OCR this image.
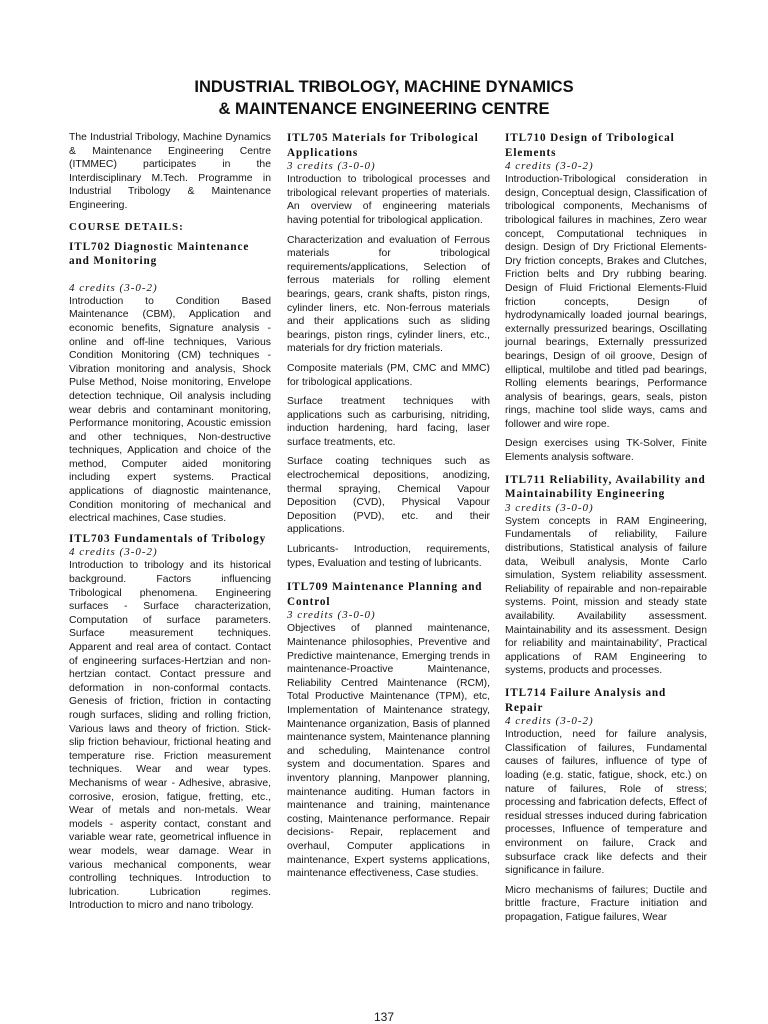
INDUSTRIAL TRIBOLOGY, MACHINE DYNAMICS
& MAINTENANCE ENGINEERING CENTRE

The Industrial Tribology, Machine Dynamics & Maintenance Engineering Centre (ITMMEC) participates in the Interdisciplinary M.Tech. Programme in Industrial Tribology & Maintenance Engineering.

COURSE DETAILS:
ITL702 Diagnostic Maintenance and Monitoring
4 credits (3-0-2)

Introduction to Condition Based Maintenance (CBM), Application and economic benefits, Signature analysis - online and off-line techniques, Various Condition Monitoring (CM) techniques - Vibration monitoring and analysis, Shock Pulse Method, Noise monitoring, Envelope detection technique, Oil analysis including wear debris and contaminant monitoring, Performance monitoring, Acoustic emission and other techniques, Non-destructive techniques, Application and choice of the method, Computer aided monitoring including expert systems. Practical applications of diagnostic maintenance, Condition monitoring of mechanical and electrical machines, Case studies.

ITL703 Fundamentals of Tribology
4 credits (3-0-2)

Introduction to tribology and its historical background. Factors influencing Tribological phenomena. Engineering surfaces - Surface characterization, Computation of surface parameters. Surface measurement techniques. Apparent and real area of contact. Contact of engineering surfaces-Hertzian and non-hertzian contact. Contact pressure and deformation in non-conformal contacts. Genesis of friction, friction in contacting rough surfaces, sliding and rolling friction, Various laws and theory of friction. Stick-slip friction behaviour, frictional heating and temperature rise. Friction measurement techniques. Wear and wear types. Mechanisms of wear - Adhesive, abrasive, corrosive, erosion, fatigue, fretting, etc., Wear of metals and non-metals. Wear models - asperity contact, constant and variable wear rate, geometrical influence in wear models, wear damage. Wear in various mechanical components, wear controlling techniques. Introduction to lubrication. Lubrication regimes. Introduction to micro and nano tribology.

ITL705 Materials for Tribological Applications
3 credits (3-0-0)

Introduction to tribological processes and tribological relevant properties of materials. An overview of engineering materials having potential for tribological application.

Characterization and evaluation of Ferrous materials for tribological requirements/applications, Selection of ferrous materials for rolling element bearings, gears, crank shafts, piston rings, cylinder liners, etc. Non-ferrous materials and their applications such as sliding bearings, piston rings, cylinder liners, etc., materials for dry friction materials.

Composite materials (PM, CMC and MMC) for tribological applications.

Surface treatment techniques with applications such as carburising, nitriding, induction hardening, hard facing, laser surface treatments, etc.

Surface coating techniques such as electrochemical depositions, anodizing, thermal spraying, Chemical Vapour Deposition (CVD), Physical Vapour Deposition (PVD), etc. and their applications.

Lubricants- Introduction, requirements, types, Evaluation and testing of lubricants.

ITL709 Maintenance Planning and Control
3 credits (3-0-0)

Objectives of planned maintenance, Maintenance philosophies, Preventive and Predictive maintenance, Emerging trends in maintenance-Proactive Maintenance, Reliability Centred Maintenance (RCM), Total Productive Maintenance (TPM), etc, Implementation of Maintenance strategy, Maintenance organization, Basis of planned maintenance system, Maintenance planning and scheduling, Maintenance control system and documentation. Spares and inventory planning, Manpower planning, maintenance auditing. Human factors in maintenance and training, maintenance costing, Maintenance performance. Repair decisions- Repair, replacement and overhaul, Computer applications in maintenance, Expert systems applications, maintenance effectiveness, Case studies.

ITL710 Design of Tribological Elements
4 credits (3-0-2)

Introduction-Tribological consideration in design, Conceptual design, Classification of tribological components, Mechanisms of tribological failures in machines, Zero wear concept, Computational techniques in design. Design of Dry Frictional Elements-Dry friction concepts, Brakes and Clutches, Friction belts and Dry rubbing bearing. Design of Fluid Frictional Elements-Fluid friction concepts, Design of hydrodynamically loaded journal bearings, externally pressurized bearings, Oscillating journal bearings, Externally pressurized bearings, Design of oil groove, Design of elliptical, multilobe and titled pad bearings, Rolling elements bearings, Performance analysis of bearings, gears, seals, piston rings, machine tool slide ways, cams and follower and wire rope.

Design exercises using TK-Solver, Finite Elements analysis software.

ITL711 Reliability, Availability and Maintainability Engineering
3 credits (3-0-0)

System concepts in RAM Engineering, Fundamentals of reliability, Failure distributions, Statistical analysis of failure data, Weibull analysis, Monte Carlo simulation, System reliability assessment. Reliability of repairable and non-repairable systems. Point, mission and steady state availability. Availability assessment. Maintainability and its assessment. Design for reliability and maintainability', Practical applications of RAM Engineering to systems, products and processes.

ITL714 Failure Analysis and Repair
4 credits (3-0-2)

Introduction, need for failure analysis, Classification of failures, Fundamental causes of failures, influence of type of loading (e.g. static, fatigue, shock, etc.) on nature of failures, Role of stress; processing and fabrication defects, Effect of residual stresses induced during fabrication processes, Influence of temperature and environment on failure, Crack and subsurface crack like defects and their significance in failure.

Micro mechanisms of failures; Ductile and brittle fracture, Fracture initiation and propagation, Fatigue failures, Wear

137
